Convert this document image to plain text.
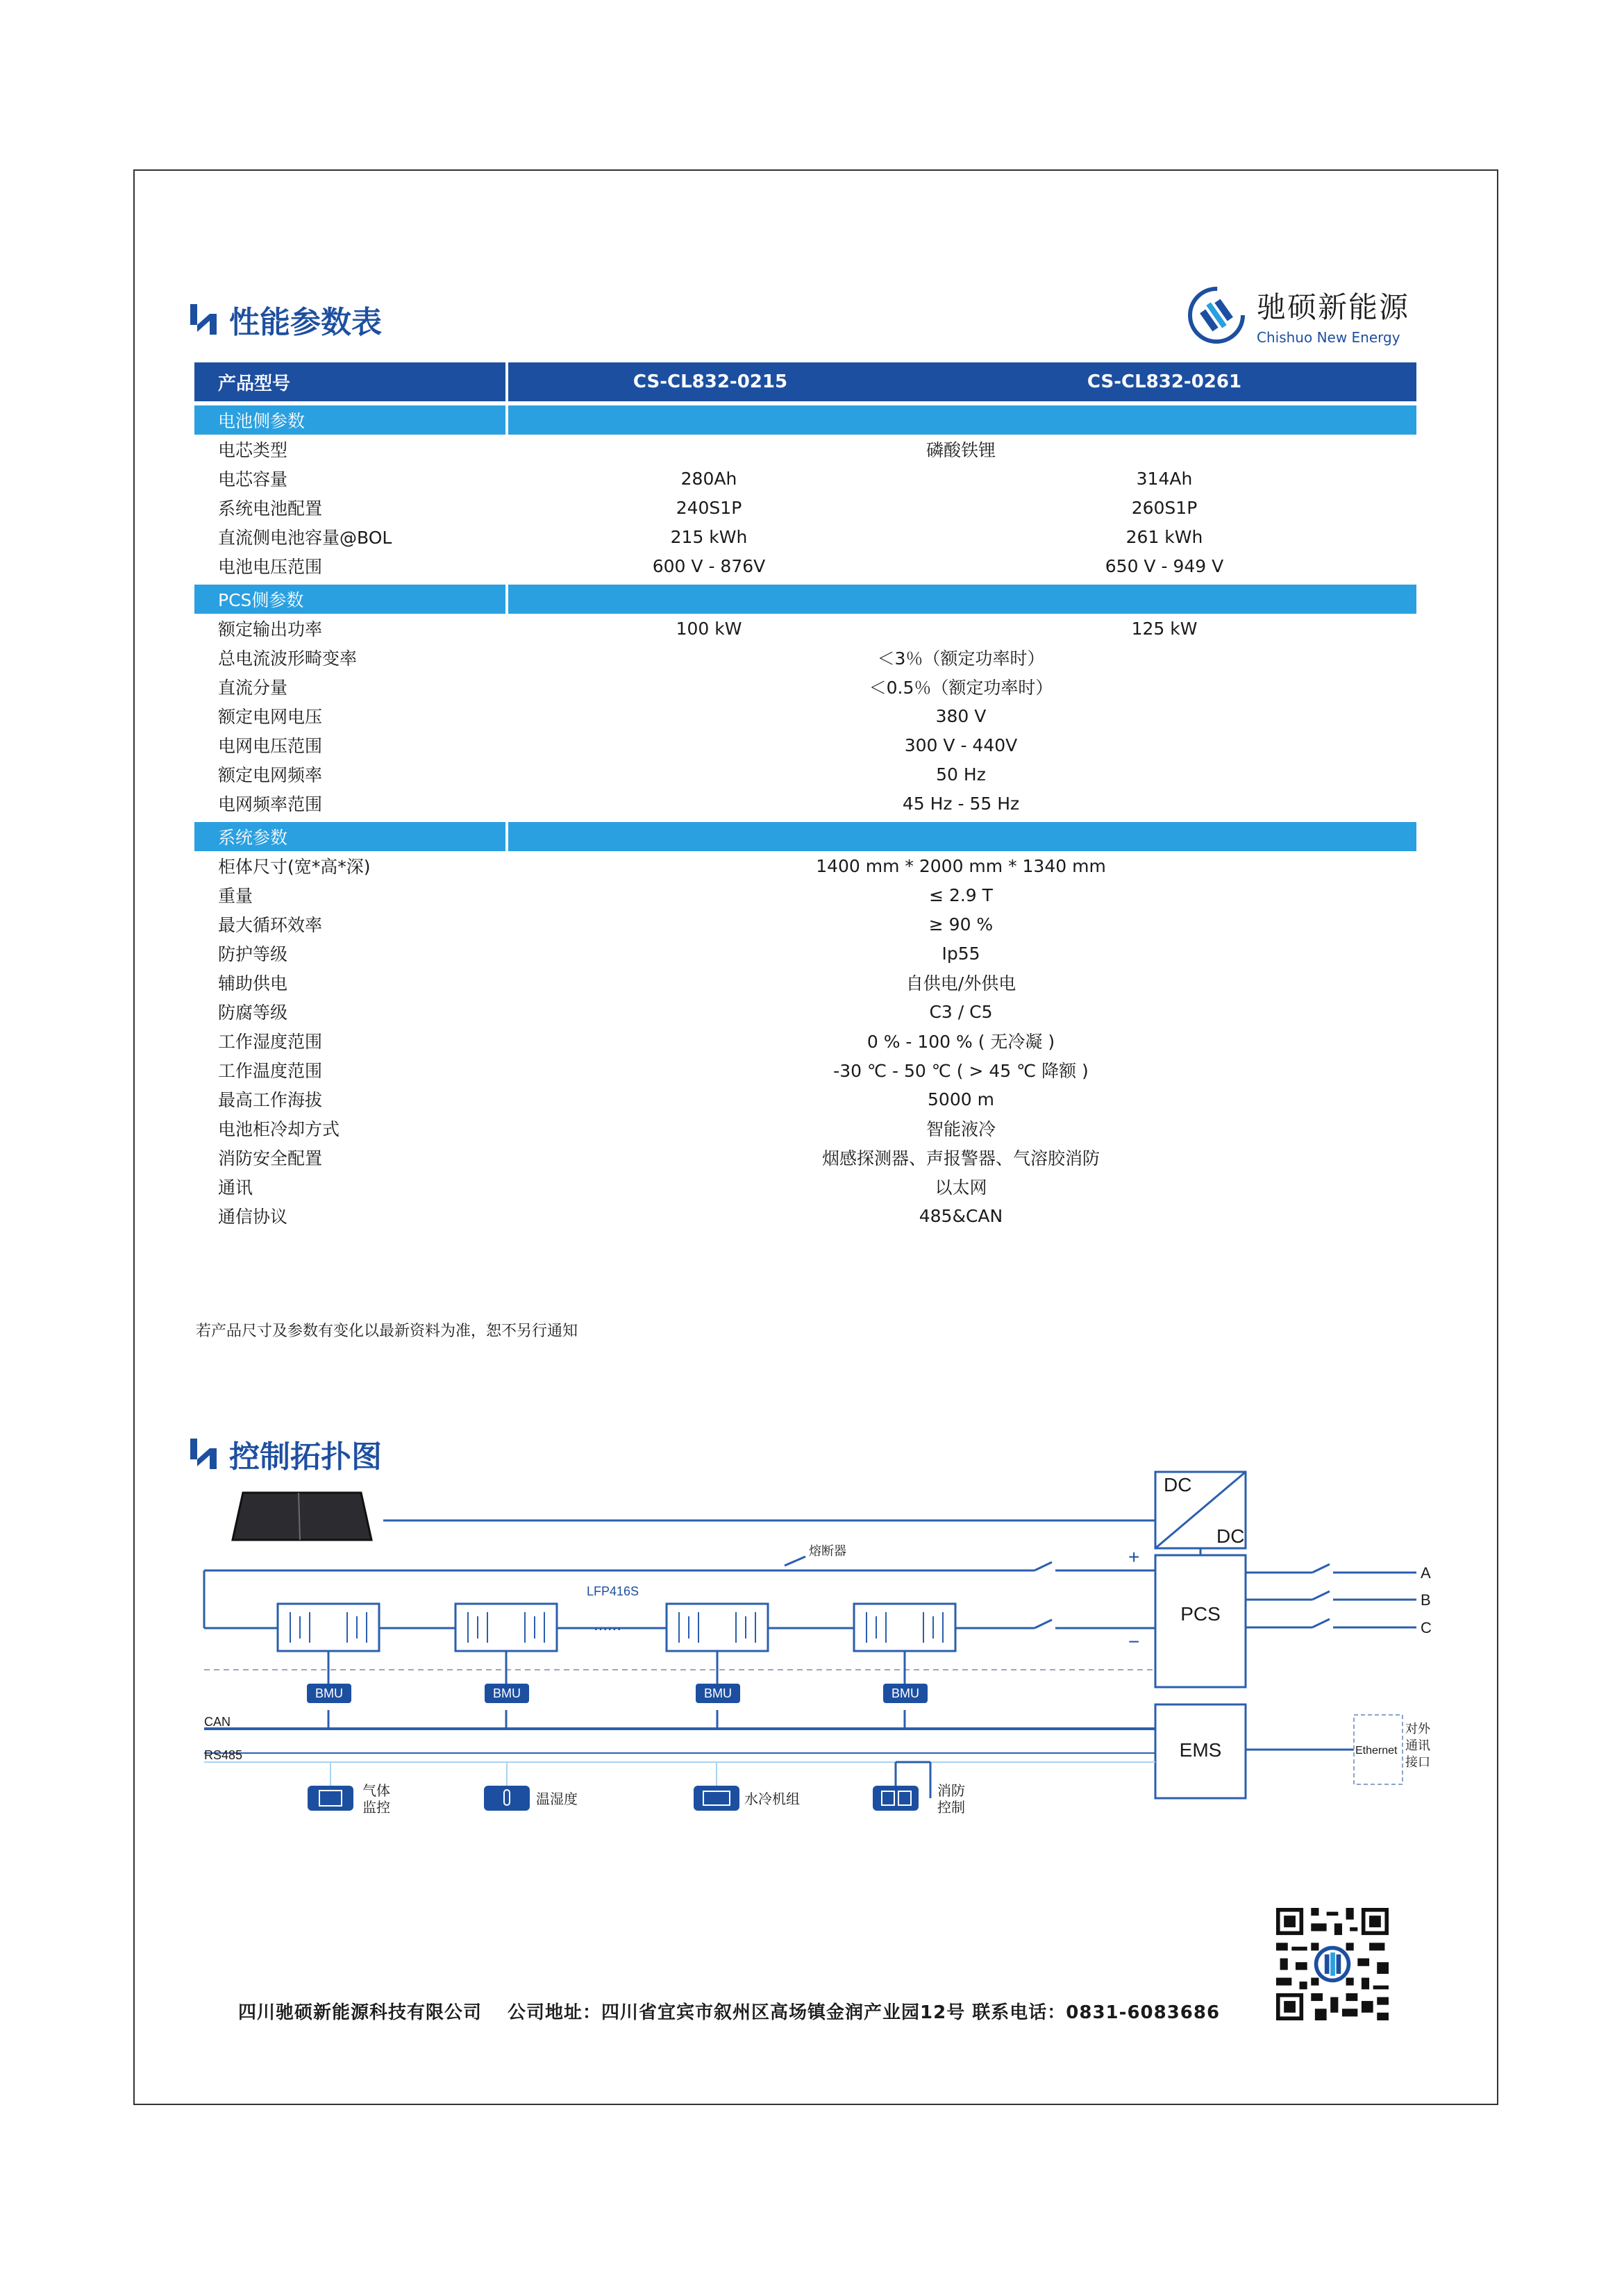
性能参数表	驰硕新能源
Chishuo New Energy
产品型号	CS-CL832-0215	CS-CL832-0261
电池侧参数
电芯类型	磷酸铁锂
电芯容量	280Ah	314Ah
系统电池配置	240S1P	260S1P
直流侧电池容量@BOL	215 kWh	261 kWh
电池电压范围	600 V - 876V	650 V - 949 V
PCS侧参数
额定输出功率	100 kW	125 kW
总电流波形畸变率	＜3％（额定功率时）
直流分量	＜0.5％（额定功率时）
额定电网电压	380 V
电网电压范围	300 V - 440V
额定电网频率	50 Hz
电网频率范围	45 Hz - 55 Hz
系统参数
柜体尺寸(宽*高*深)	1400 mm * 2000 mm * 1340 mm
重量	≤ 2.9 T
最大循环效率	≥ 90 %
防护等级	Ip55
辅助供电	自供电/外供电
防腐等级	C3 / C5
工作湿度范围	0 % - 100 % ( 无冷凝 )
工作温度范围	-30 ℃ - 50 ℃ ( > 45 ℃ 降额 )
最高工作海拔	5000 m
电池柜冷却方式	智能液冷
消防安全配置	烟感探测器、声报警器、气溶胶消防
通讯	以太网
通信协议	485&CAN
若产品尺寸及参数有变化以最新资料为准，恕不另行通知
控制拓扑图
DC
DC
熔断器
LFP416S
......
+
−
PCS
EMS
A
B
C
BMU	BMU	BMU	BMU
CAN
RS485	Ethernet
对外
通讯
接口
气体
监控
温湿度	水冷机组
消防
控制
四川驰硕新能源科技有限公司　 公司地址：四川省宜宾市叙州区高场镇金润产业园12号 联系电话：0831-6083686
